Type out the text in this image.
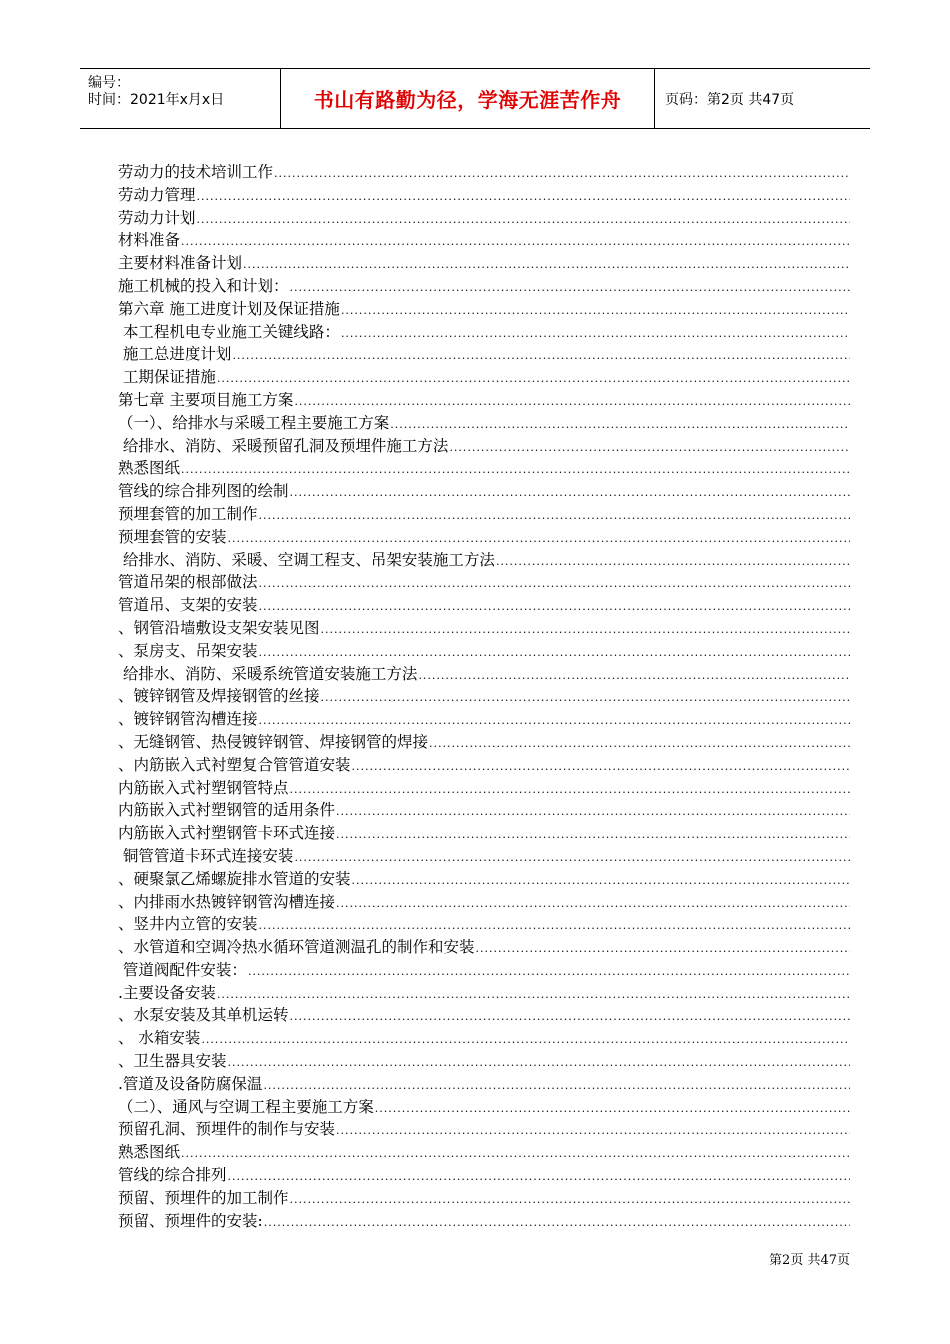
编号：
时间：2021年x月x日	书山有路勤为径，学海无涯苦作舟	页码：第2页 共47页
劳动力的技术培训工作
.....
劳动力管理
.....
劳动力计划
.....
材料准备
.....
主要材料准备计划
.....
施工机械的投入和计划：
.....
第六章 施工进度计划及保证措施
.....
本工程机电专业施工关键线路：
.....
施工总进度计划
.....
工期保证措施
.....
第七章 主要项目施工方案
.....
（一）、给排水与采暖工程主要施工方案
.....
给排水、消防、采暖预留孔洞及预埋件施工方法
.....
熟悉图纸
.....
管线的综合排列图的绘制
.....
预埋套管的加工制作
.....
预埋套管的安装
.....
给排水、消防、采暖、空调工程支、吊架安装施工方法
.....
管道吊架的根部做法
.....
管道吊、支架的安装
.....
、钢管沿墙敷设支架安装见图
.....
、泵房支、吊架安装
.....
给排水、消防、采暖系统管道安装施工方法
.....
、镀锌钢管及焊接钢管的丝接
.....
、镀锌钢管沟槽连接
.....
、无缝钢管、热侵镀锌钢管、焊接钢管的焊接
.....
、内筋嵌入式衬塑复合管管道安装
.....
内筋嵌入式衬塑钢管特点
.....
内筋嵌入式衬塑钢管的适用条件
.....
内筋嵌入式衬塑钢管卡环式连接
.....
铜管管道卡环式连接安装
.....
、硬聚氯乙烯螺旋排水管道的安装
.....
、内排雨水热镀锌钢管沟槽连接
.....
、竖井内立管的安装
.....
、水管道和空调冷热水循环管道测温孔的制作和安装
.....
管道阀配件安装：
.....
.主要设备安装
.....
、水泵安装及其单机运转
.....
、 水箱安装
.....
、卫生器具安装
.....
.管道及设备防腐保温
.....
（二）、通风与空调工程主要施工方案
.....
预留孔洞、预埋件的制作与安装
.....
熟悉图纸
.....
管线的综合排列
.....
预留、预埋件的加工制作
.....
预留、预埋件的安装:
.....
第2页 共47页
